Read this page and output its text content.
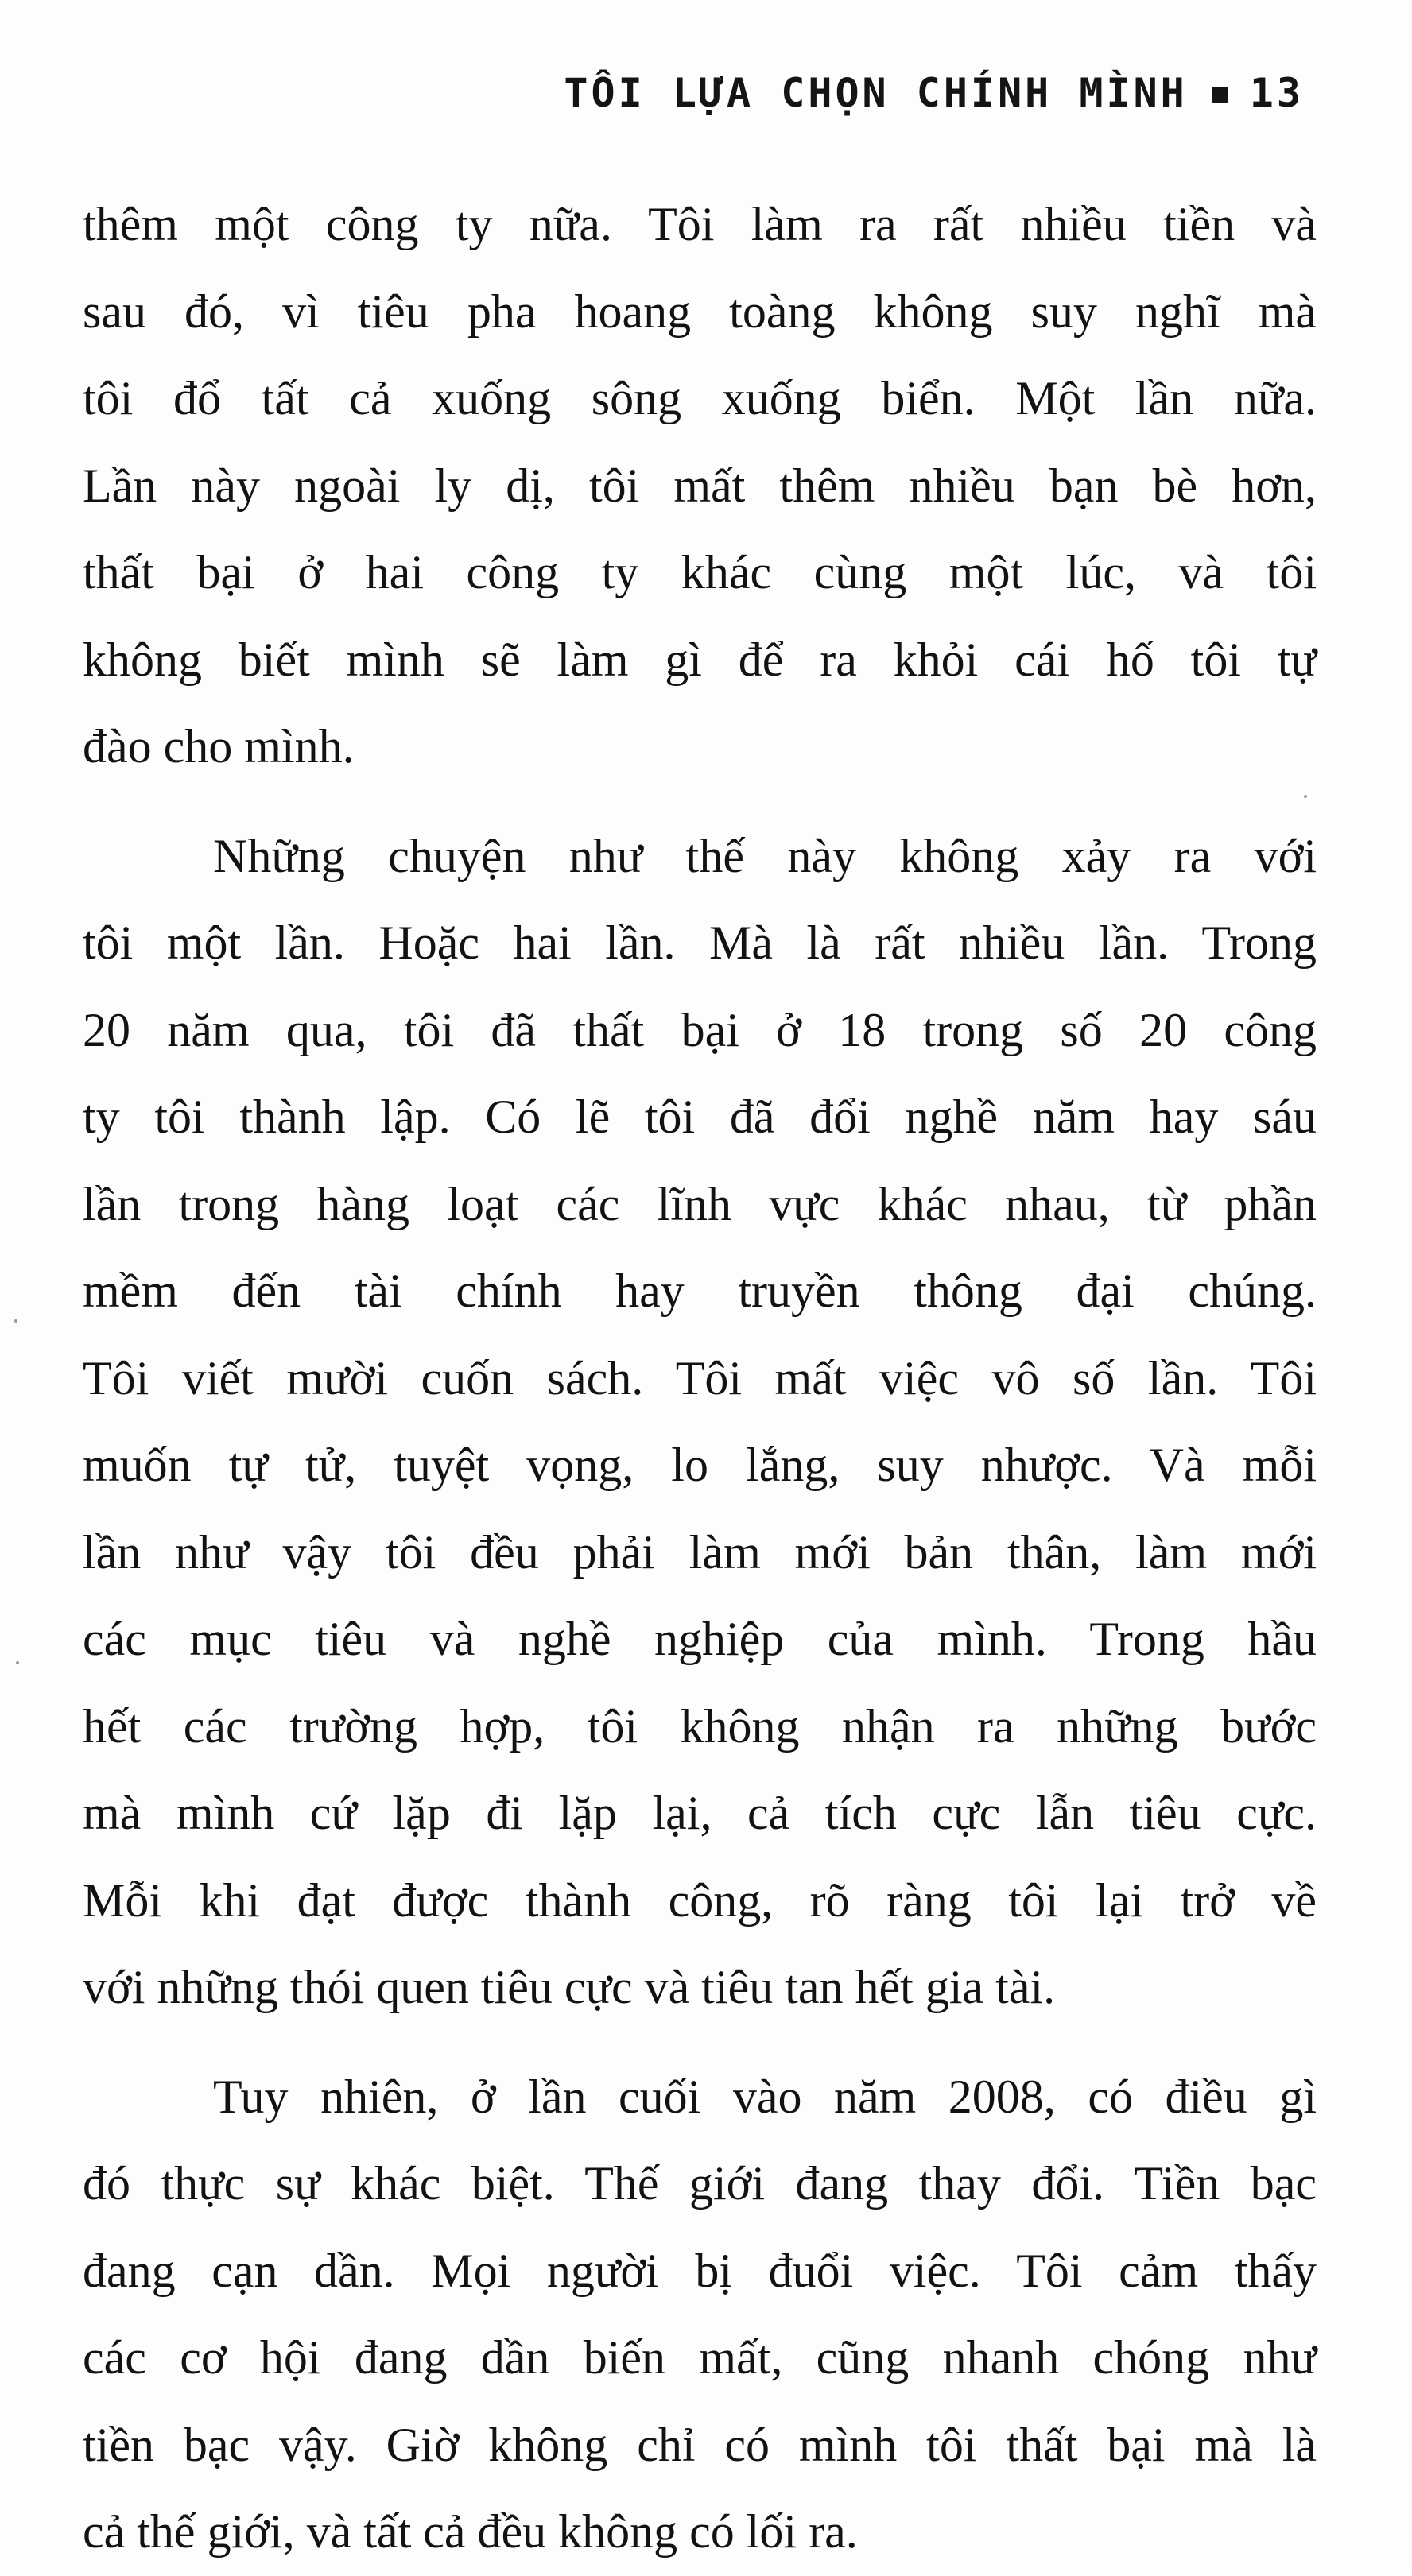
TÔI LỰA CHỌN CHÍNH MÌNH 13
thêm một công ty nữa. Tôi làm ra rất nhiều tiền và
sau đó, vì tiêu pha hoang toàng không suy nghĩ mà
tôi đổ tất cả xuống sông xuống biển. Một lần nữa.
Lần này ngoài ly dị, tôi mất thêm nhiều bạn bè hơn,
thất bại ở hai công ty khác cùng một lúc, và tôi
không biết mình sẽ làm gì để ra khỏi cái hố tôi tự
đào cho mình.
Những chuyện như thế này không xảy ra với
tôi một lần. Hoặc hai lần. Mà là rất nhiều lần. Trong
20 năm qua, tôi đã thất bại ở 18 trong số 20 công
ty tôi thành lập. Có lẽ tôi đã đổi nghề năm hay sáu
lần trong hàng loạt các lĩnh vực khác nhau, từ phần
mềm đến tài chính hay truyền thông đại chúng.
Tôi viết mười cuốn sách. Tôi mất việc vô số lần. Tôi
muốn tự tử, tuyệt vọng, lo lắng, suy nhược. Và mỗi
lần như vậy tôi đều phải làm mới bản thân, làm mới
các mục tiêu và nghề nghiệp của mình. Trong hầu
hết các trường hợp, tôi không nhận ra những bước
mà mình cứ lặp đi lặp lại, cả tích cực lẫn tiêu cực.
Mỗi khi đạt được thành công, rõ ràng tôi lại trở về
với những thói quen tiêu cực và tiêu tan hết gia tài.
Tuy nhiên, ở lần cuối vào năm 2008, có điều gì
đó thực sự khác biệt. Thế giới đang thay đổi. Tiền bạc
đang cạn dần. Mọi người bị đuổi việc. Tôi cảm thấy
các cơ hội đang dần biến mất, cũng nhanh chóng như
tiền bạc vậy. Giờ không chỉ có mình tôi thất bại mà là
cả thế giới, và tất cả đều không có lối ra.
